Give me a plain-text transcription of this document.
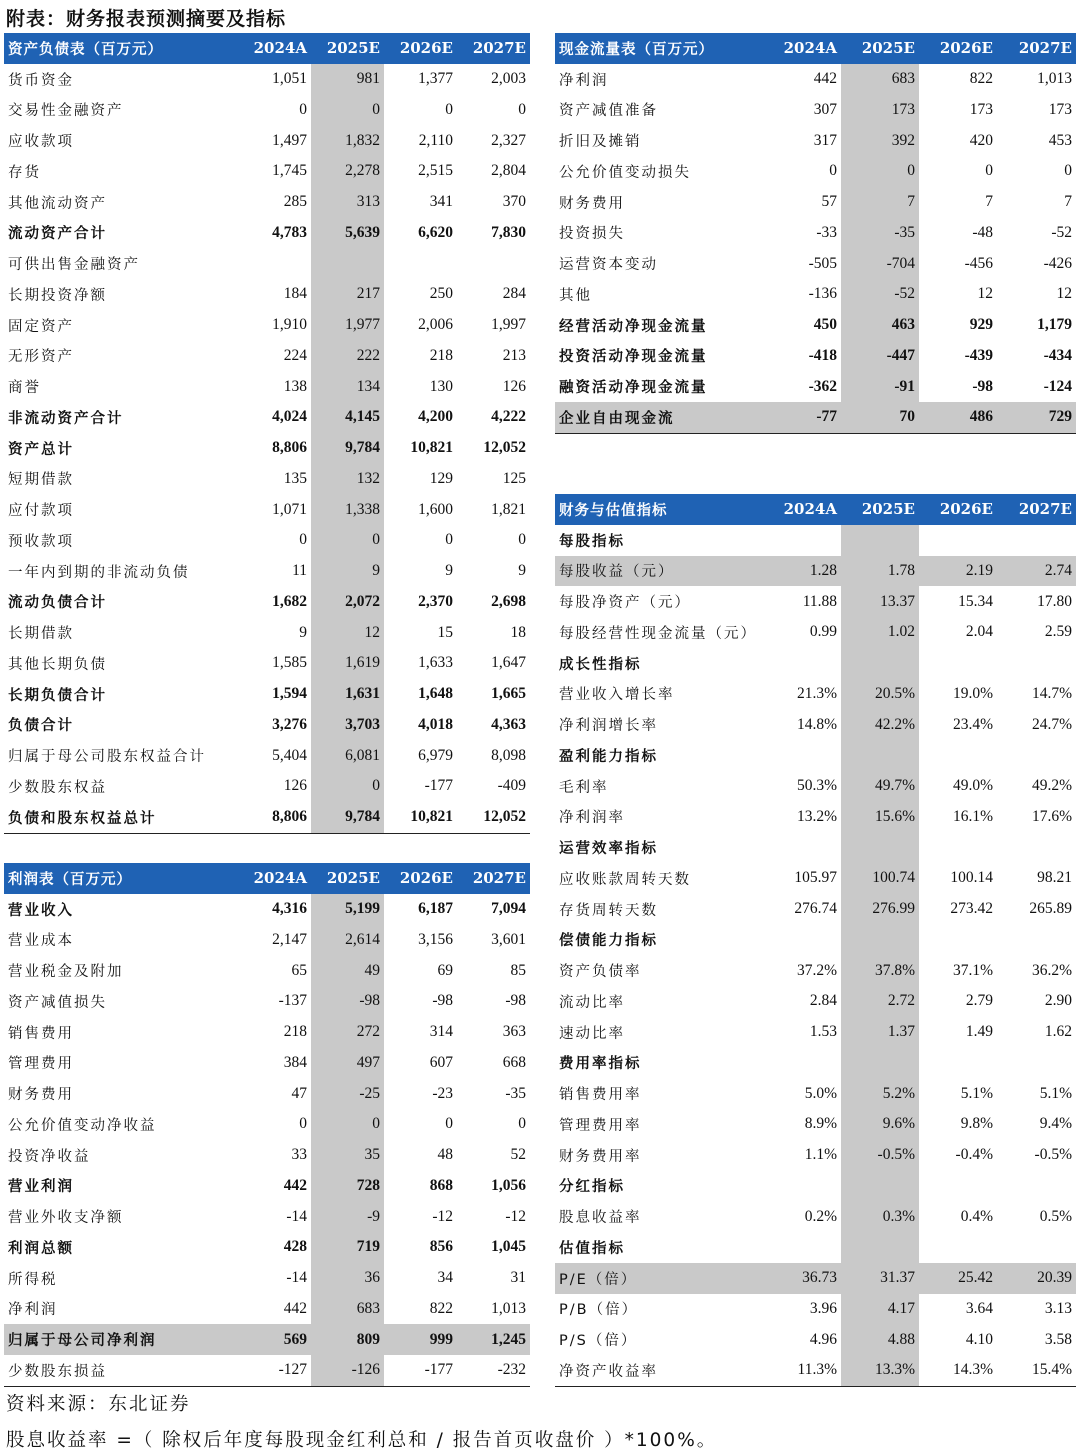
附表：财务报表预测摘要及指标
资产负债表（百万元）	2024A	2025E	2026E	2027E
货币资金	1,051	981	1,377	2,003
交易性金融资产	0	0	0	0
应收款项	1,497	1,832	2,110	2,327
存货	1,745	2,278	2,515	2,804
其他流动资产	285	313	341	370
流动资产合计	4,783	5,639	6,620	7,830
可供出售金融资产				
长期投资净额	184	217	250	284
固定资产	1,910	1,977	2,006	1,997
无形资产	224	222	218	213
商誉	138	134	130	126
非流动资产合计	4,024	4,145	4,200	4,222
资产总计	8,806	9,784	10,821	12,052
短期借款	135	132	129	125
应付款项	1,071	1,338	1,600	1,821
预收款项	0	0	0	0
一年内到期的非流动负债	11	9	9	9
流动负债合计	1,682	2,072	2,370	2,698
长期借款	9	12	15	18
其他长期负债	1,585	1,619	1,633	1,647
长期负债合计	1,594	1,631	1,648	1,665
负债合计	3,276	3,703	4,018	4,363
归属于母公司股东权益合计	5,404	6,081	6,979	8,098
少数股东权益	126	0	-177	-409
负债和股东权益总计	8,806	9,784	10,821	12,052
利润表（百万元）	2024A	2025E	2026E	2027E
营业收入	4,316	5,199	6,187	7,094
营业成本	2,147	2,614	3,156	3,601
营业税金及附加	65	49	69	85
资产减值损失	-137	-98	-98	-98
销售费用	218	272	314	363
管理费用	384	497	607	668
财务费用	47	-25	-23	-35
公允价值变动净收益	0	0	0	0
投资净收益	33	35	48	52
营业利润	442	728	868	1,056
营业外收支净额	-14	-9	-12	-12
利润总额	428	719	856	1,045
所得税	-14	36	34	31
净利润	442	683	822	1,013
归属于母公司净利润	569	809	999	1,245
少数股东损益	-127	-126	-177	-232
现金流量表（百万元）	2024A	2025E	2026E	2027E
净利润	442	683	822	1,013
资产减值准备	307	173	173	173
折旧及摊销	317	392	420	453
公允价值变动损失	0	0	0	0
财务费用	57	7	7	7
投资损失	-33	-35	-48	-52
运营资本变动	-505	-704	-456	-426
其他	-136	-52	12	12
经营活动净现金流量	450	463	929	1,179
投资活动净现金流量	-418	-447	-439	-434
融资活动净现金流量	-362	-91	-98	-124
企业自由现金流	-77	70	486	729
财务与估值指标	2024A	2025E	2026E	2027E
每股指标				
每股收益（元）	1.28	1.78	2.19	2.74
每股净资产（元）	11.88	13.37	15.34	17.80
每股经营性现金流量（元）	0.99	1.02	2.04	2.59
成长性指标				
营业收入增长率	21.3%	20.5%	19.0%	14.7%
净利润增长率	14.8%	42.2%	23.4%	24.7%
盈利能力指标				
毛利率	50.3%	49.7%	49.0%	49.2%
净利润率	13.2%	15.6%	16.1%	17.6%
运营效率指标				
应收账款周转天数	105.97	100.74	100.14	98.21
存货周转天数	276.74	276.99	273.42	265.89
偿债能力指标				
资产负债率	37.2%	37.8%	37.1%	36.2%
流动比率	2.84	2.72	2.79	2.90
速动比率	1.53	1.37	1.49	1.62
费用率指标				
销售费用率	5.0%	5.2%	5.1%	5.1%
管理费用率	8.9%	9.6%	9.8%	9.4%
财务费用率	1.1%	-0.5%	-0.4%	-0.5%
分红指标				
股息收益率	0.2%	0.3%	0.4%	0.5%
估值指标				
P/E（倍）	36.73	31.37	25.42	20.39
P/B（倍）	3.96	4.17	3.64	3.13
P/S（倍）	4.96	4.88	4.10	3.58
净资产收益率	11.3%	13.3%	14.3%	15.4%
资料来源：东北证券
股息收益率 =（ 除权后年度每股现金红利总和 / 报告首页收盘价 ）*100%。
